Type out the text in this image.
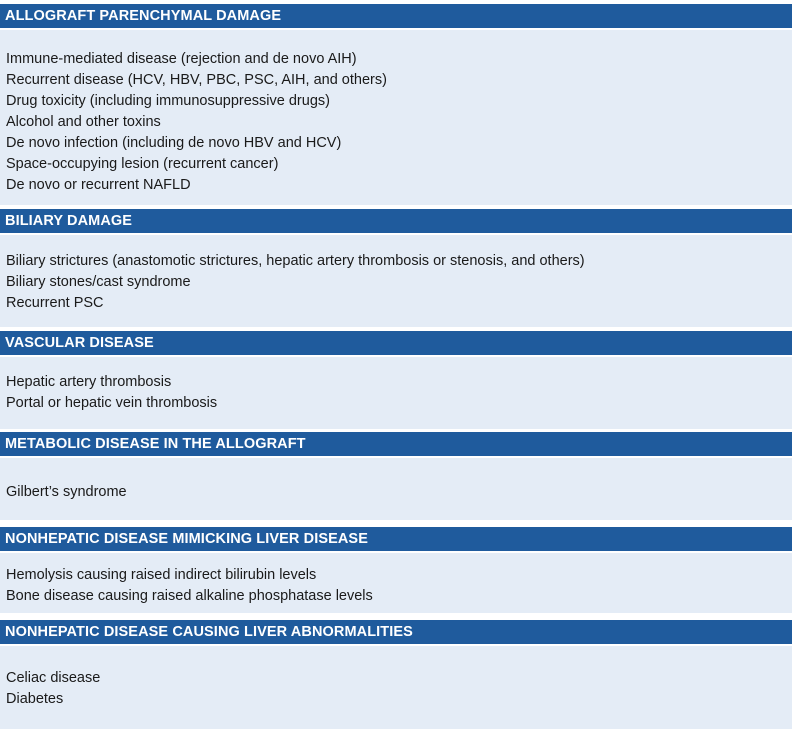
ALLOGRAFT PARENCHYMAL DAMAGE
Immune-mediated disease (rejection and de novo AIH)
Recurrent disease (HCV, HBV, PBC, PSC, AIH, and others)
Drug toxicity (including immunosuppressive drugs)
Alcohol and other toxins
De novo infection (including de novo HBV and HCV)
Space-occupying lesion (recurrent cancer)
De novo or recurrent NAFLD
BILIARY DAMAGE
Biliary strictures (anastomotic strictures, hepatic artery thrombosis or stenosis, and others)
Biliary stones/cast syndrome
Recurrent PSC
VASCULAR DISEASE
Hepatic artery thrombosis
Portal or hepatic vein thrombosis
METABOLIC DISEASE IN THE ALLOGRAFT
Gilbert’s syndrome
NONHEPATIC DISEASE MIMICKING LIVER DISEASE
Hemolysis causing raised indirect bilirubin levels
Bone disease causing raised alkaline phosphatase levels
NONHEPATIC DISEASE CAUSING LIVER ABNORMALITIES
Celiac disease
Diabetes
